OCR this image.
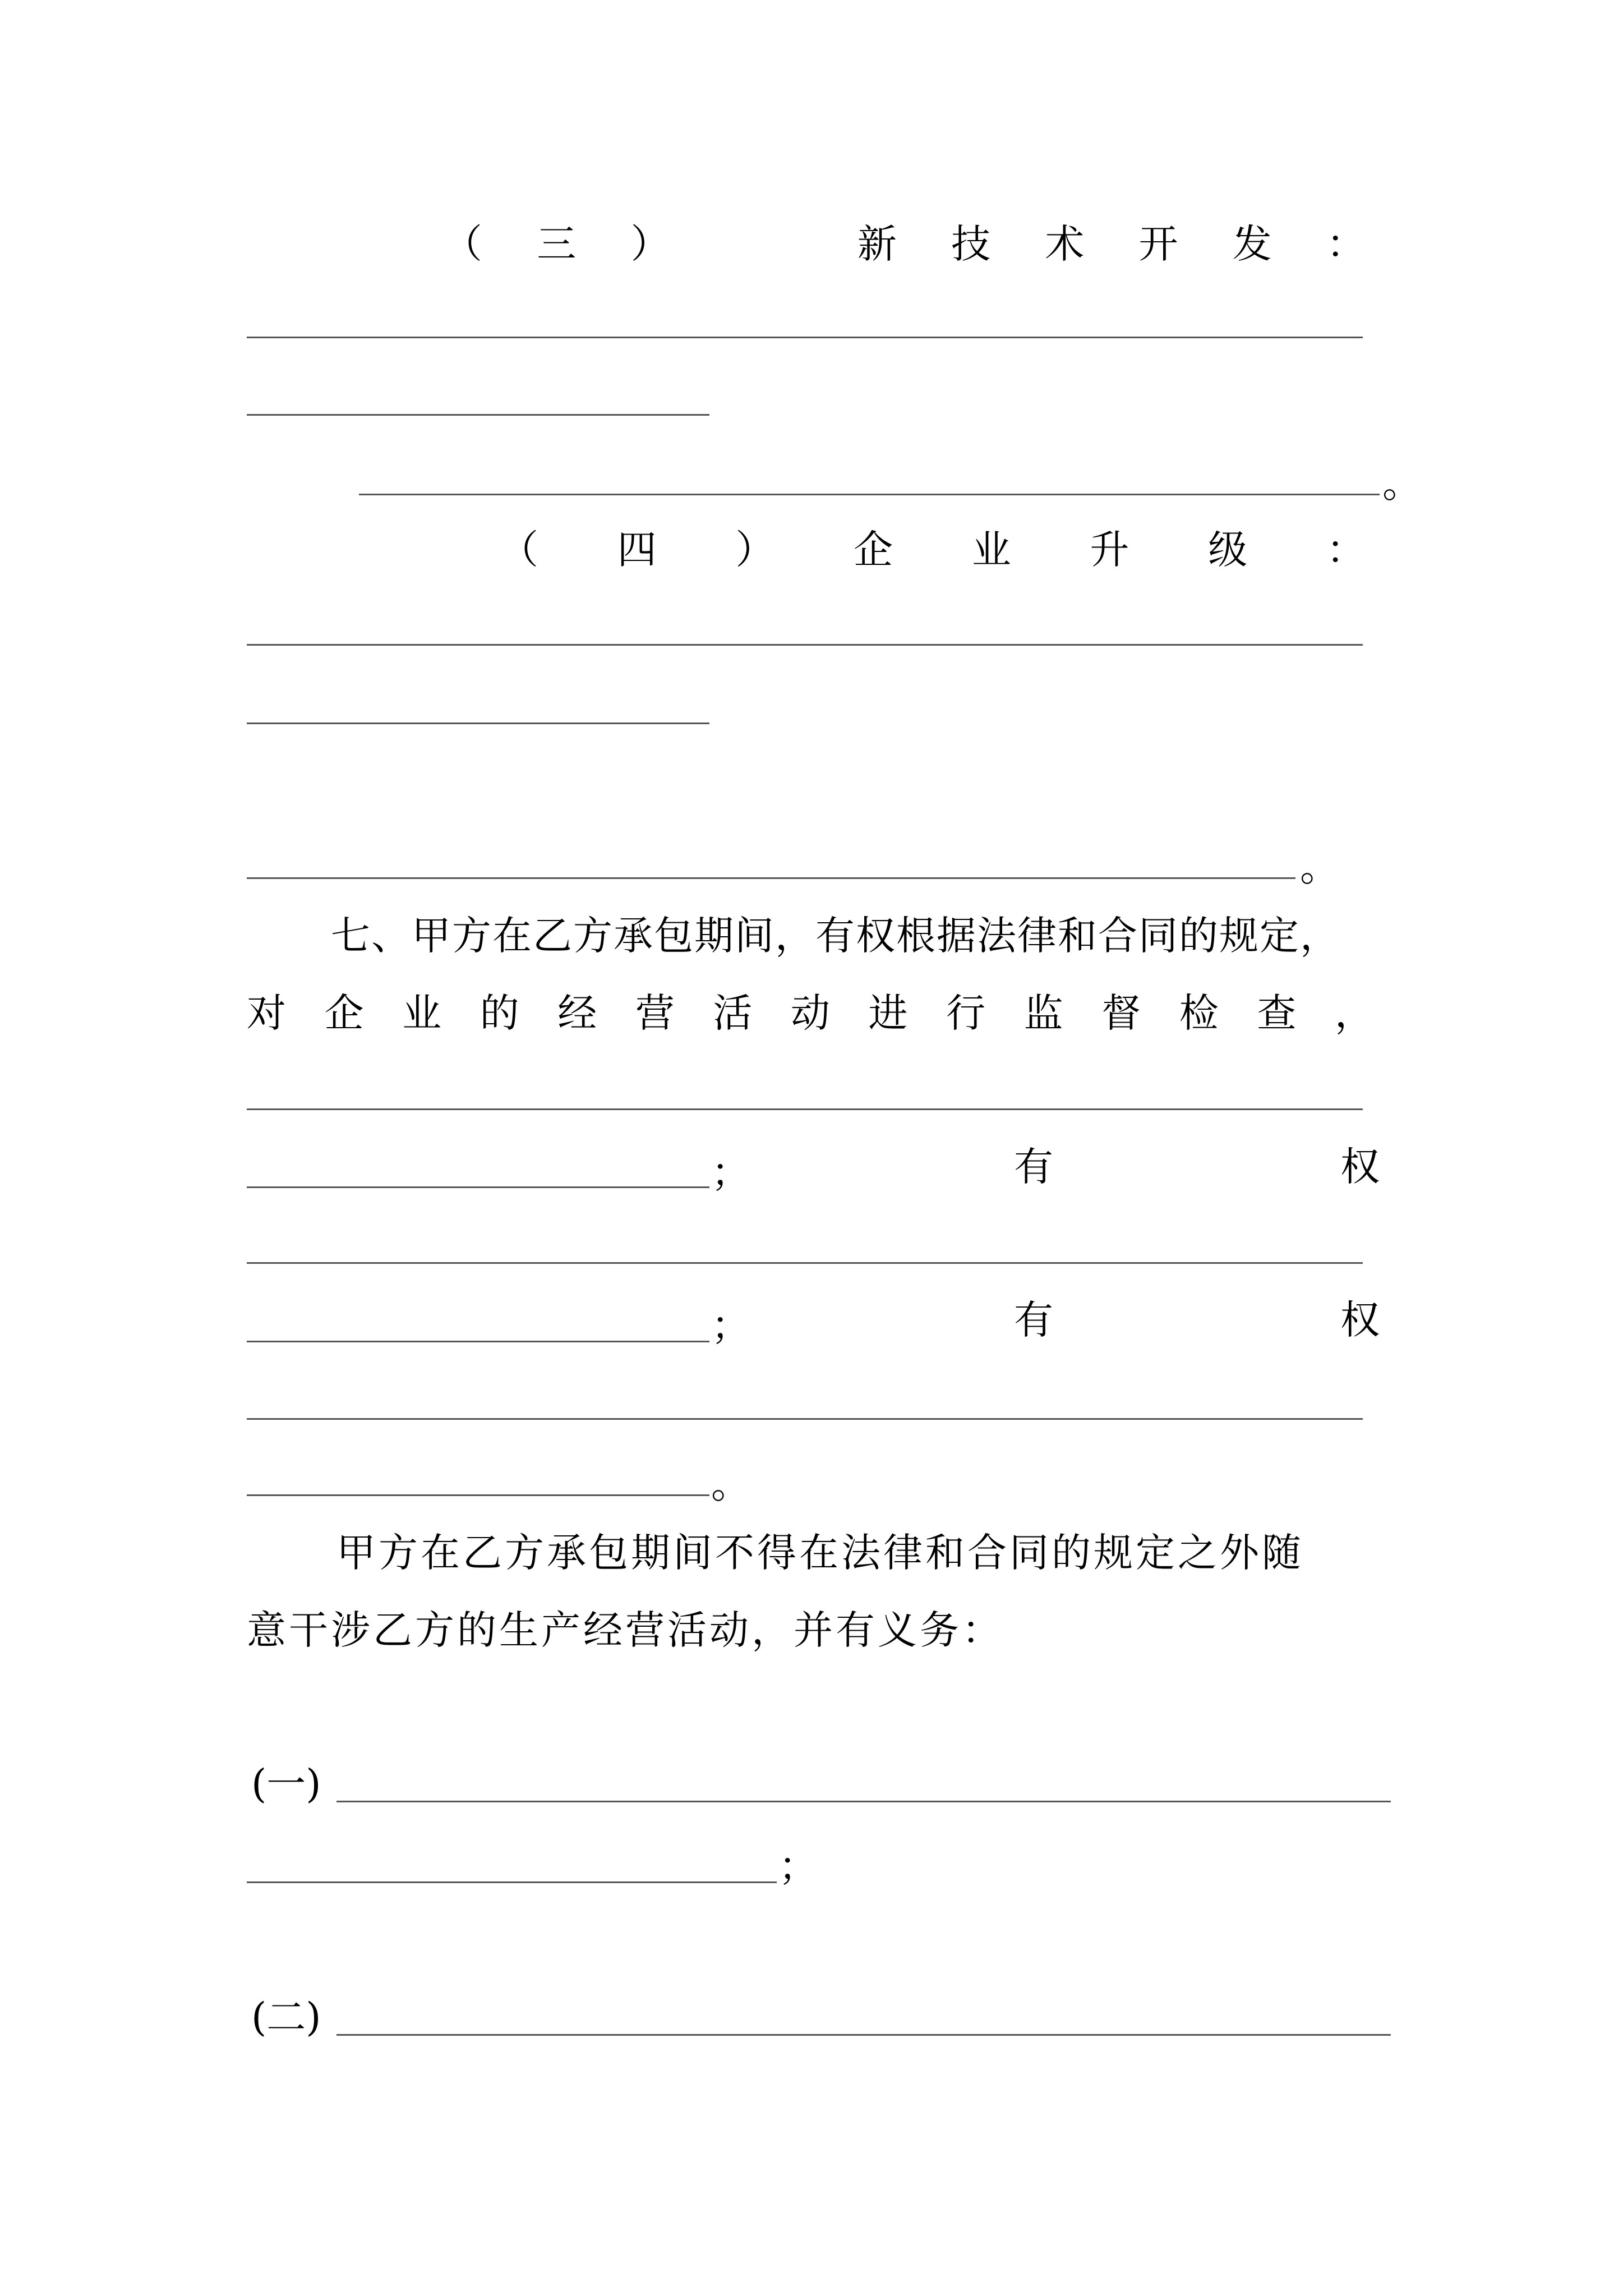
（ 三 ）	新 技 术 开 发 ：
。
（ 四 ） 企 业 升 级 ：
。
七、甲方在乙方承包期间，有权根据法律和合同的规定，
对 企 业 的 经 营 活 动 进 行 监 督 检 查 ，
；	有	权
；	有	权
。
甲方在乙方承包期间不得在法律和合同的规定之外随
意干涉乙方的生产经营活动，并有义务：
(一)
；
(二)
